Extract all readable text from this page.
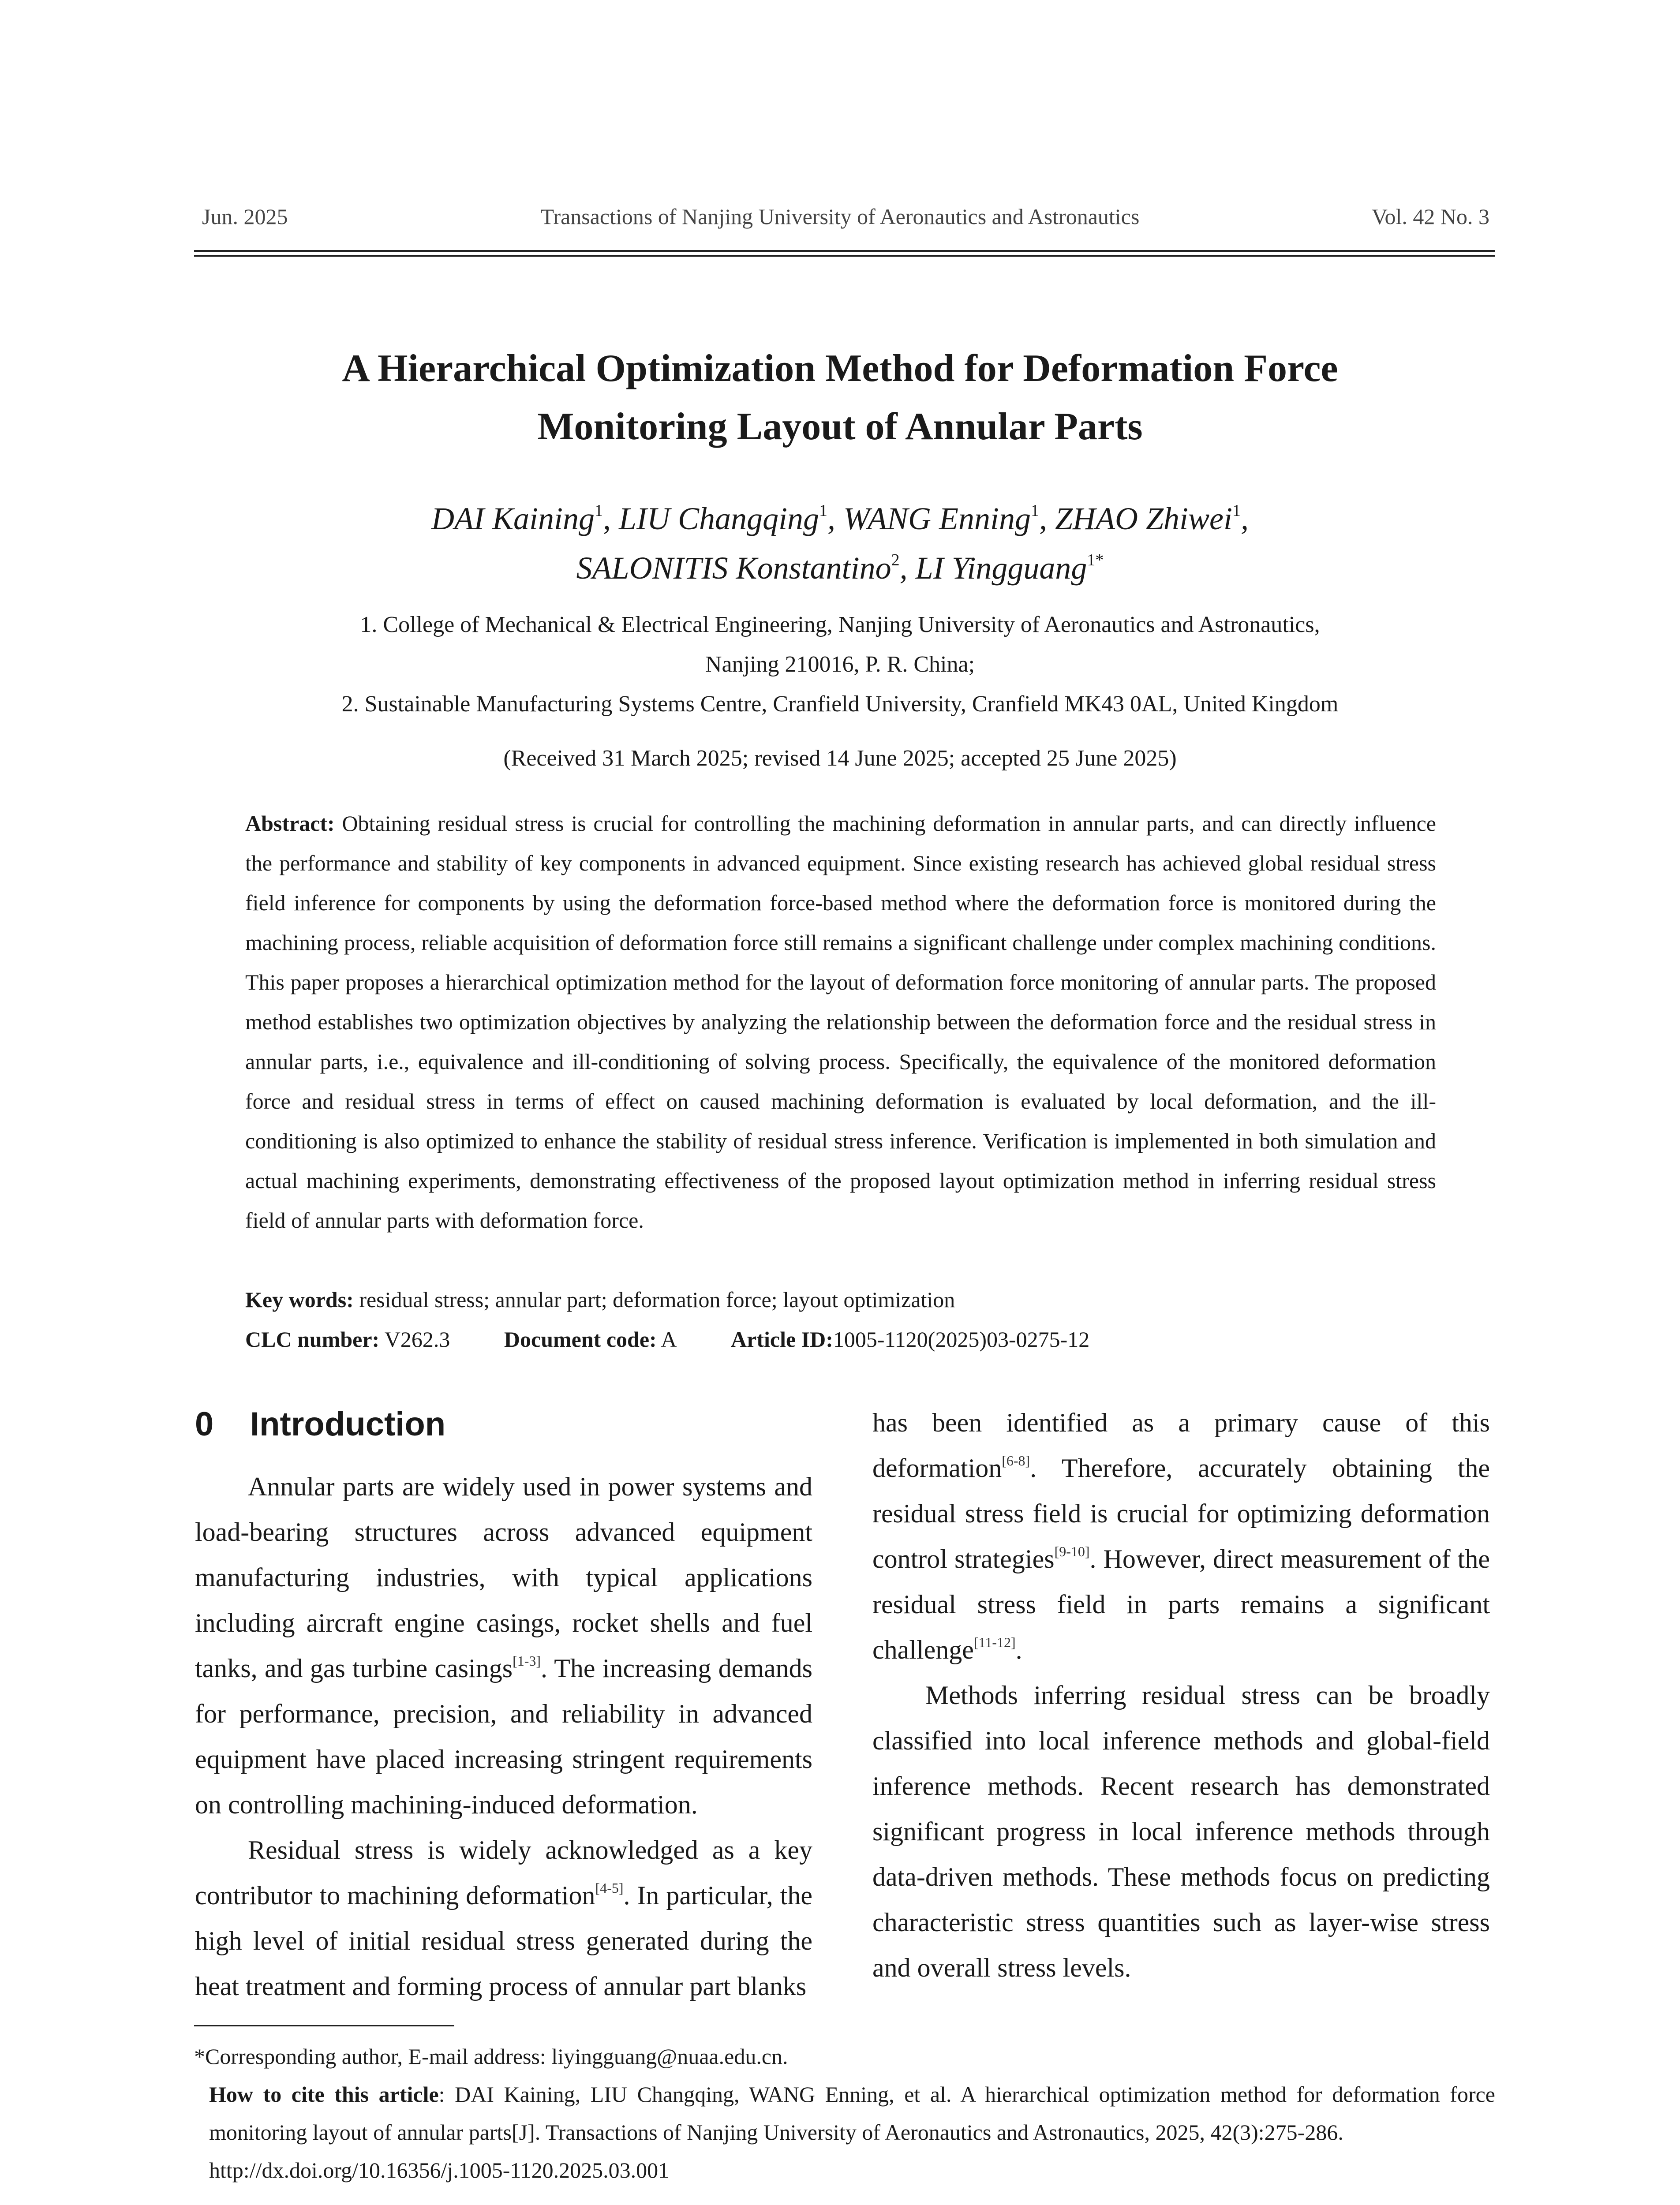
Jun. 2025	Transactions of Nanjing University of Aeronautics and Astronautics	Vol. 42 No. 3
A Hierarchical Optimization Method for Deformation Force
Monitoring Layout of Annular Parts
DAI Kaining$^1$, LIU Changqing$^1$, WANG Enning$^1$, ZHAO Zhiwei$^1$,
SALONITIS Konstantino$^2$, LI Yingguang$^{1*}$
1. College of Mechanical & Electrical Engineering, Nanjing University of Aeronautics and Astronautics,
Nanjing 210016, P. R. China;
2. Sustainable Manufacturing Systems Centre, Cranfield University, Cranfield MK43 0AL, United Kingdom
(Received 31 March 2025; revised 14 June 2025; accepted 25 June 2025)
Abstract: Obtaining residual stress is crucial for controlling the machining deformation in annular parts, and can directly influence the performance and stability of key components in advanced equipment. Since existing research has achieved global residual stress field inference for components by using the deformation force-based method where the deformation force is monitored during the machining process, reliable acquisition of deformation force still remains a significant challenge under complex machining conditions. This paper proposes a hierarchical optimization method for the layout of deformation force monitoring of annular parts. The proposed method establishes two optimization objectives by analyzing the relationship between the deformation force and the residual stress in annular parts, i.e., equivalence and ill-conditioning of solving process. Specifically, the equivalence of the monitored deformation force and residual stress in terms of effect on caused machining deformation is evaluated by local deformation, and the ill-conditioning is also optimized to enhance the stability of residual stress inference. Verification is implemented in both simulation and actual machining experiments, demonstrating effectiveness of the proposed layout optimization method in inferring residual stress field of annular parts with deformation force.
Key words: residual stress; annular part; deformation force; layout optimization
CLC number: V262.3 Document code: A Article ID:1005-1120(2025)03-0275-12
0 Introduction

Annular parts are widely used in power systems and load-bearing structures across advanced equipment manufacturing industries, with typical applications including aircraft engine casings, rocket shells and fuel tanks, and gas turbine casings[1-3]. The increasing demands for performance, precision, and reliability in advanced equipment have placed increasing stringent requirements on controlling machining-induced deformation.

Residual stress is widely acknowledged as a key contributor to machining deformation[4-5]. In particular, the high level of initial residual stress generated during the heat treatment and forming process of annular part blanks

has been identified as a primary cause of this deformation[6-8]. Therefore, accurately obtaining the residual stress field is crucial for optimizing deformation control strategies[9-10]. However, direct measurement of the residual stress field in parts remains a significant challenge[11-12].

Methods inferring residual stress can be broadly classified into local inference methods and global-field inference methods. Recent research has demonstrated significant progress in local inference methods through data-driven methods. These methods focus on predicting characteristic stress quantities such as layer-wise stress and overall stress levels.

*Corresponding author, E-mail address: liyingguang@nuaa.edu.cn.

How to cite this article: DAI Kaining, LIU Changqing, WANG Enning, et al. A hierarchical optimization method for deformation force monitoring layout of annular parts[J]. Transactions of Nanjing University of Aeronautics and Astronautics, 2025, 42(3):275-286.

http://dx.doi.org/10.16356/j.1005-1120.2025.03.001
